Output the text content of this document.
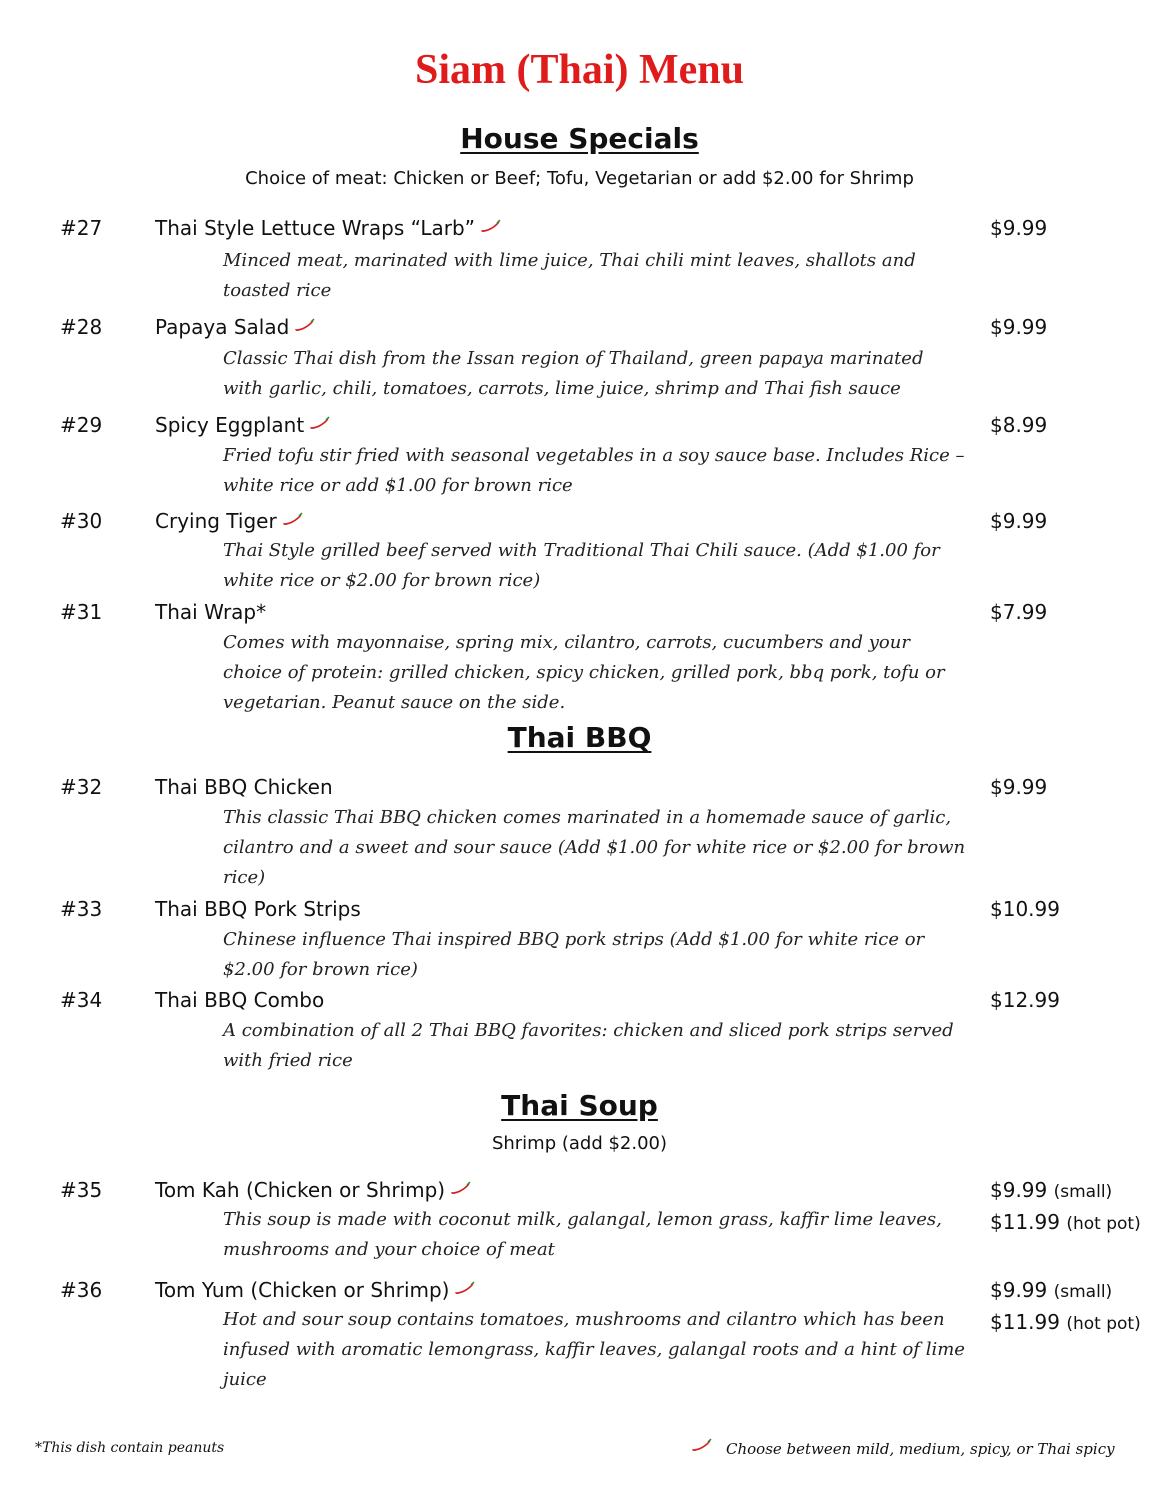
Siam (Thai) Menu
House Specials

Choice of meat: Chicken or Beef; Tofu, Vegetarian or add $2.00 for Shrimp

#27	Thai Style Lettuce Wraps “Larb”	$9.99
Minced meat, marinated with lime juice, Thai chili mint leaves, shallots and toasted rice
#28	Papaya Salad	$9.99
Classic Thai dish from the Issan region of Thailand, green papaya marinated with garlic, chili, tomatoes, carrots, lime juice, shrimp and Thai fish sauce
#29	Spicy Eggplant	$8.99
Fried tofu stir fried with seasonal vegetables in a soy sauce base. Includes Rice – white rice or add $1.00 for brown rice
#30	Crying Tiger	$9.99
Thai Style grilled beef served with Traditional Thai Chili sauce. (Add $1.00 for white rice or $2.00 for brown rice)
#31	Thai Wrap*	$7.99
Comes with mayonnaise, spring mix, cilantro, carrots, cucumbers and your choice of protein: grilled chicken, spicy chicken, grilled pork, bbq pork, tofu or vegetarian. Peanut sauce on the side.
Thai BBQ
#32	Thai BBQ Chicken	$9.99
This classic Thai BBQ chicken comes marinated in a homemade sauce of garlic, cilantro and a sweet and sour sauce (Add $1.00 for white rice or $2.00 for brown rice)
#33	Thai BBQ Pork Strips	$10.99
Chinese influence Thai inspired BBQ pork strips (Add $1.00 for white rice or $2.00 for brown rice)
#34	Thai BBQ Combo	$12.99
A combination of all 2 Thai BBQ favorites: chicken and sliced pork strips served with fried rice
Thai Soup

Shrimp (add $2.00)

#35	Tom Kah (Chicken or Shrimp)	$9.99 (small)
$11.99 (hot pot)
This soup is made with coconut milk, galangal, lemon grass, kaffir lime leaves, mushrooms and your choice of meat
#36	Tom Yum (Chicken or Shrimp)	$9.99 (small)
$11.99 (hot pot)
Hot and sour soup contains tomatoes, mushrooms and cilantro which has been infused with aromatic lemongrass, kaffir leaves, galangal roots and a hint of lime juice
*This dish contain peanuts	Choose between mild, medium, spicy, or Thai spicy
